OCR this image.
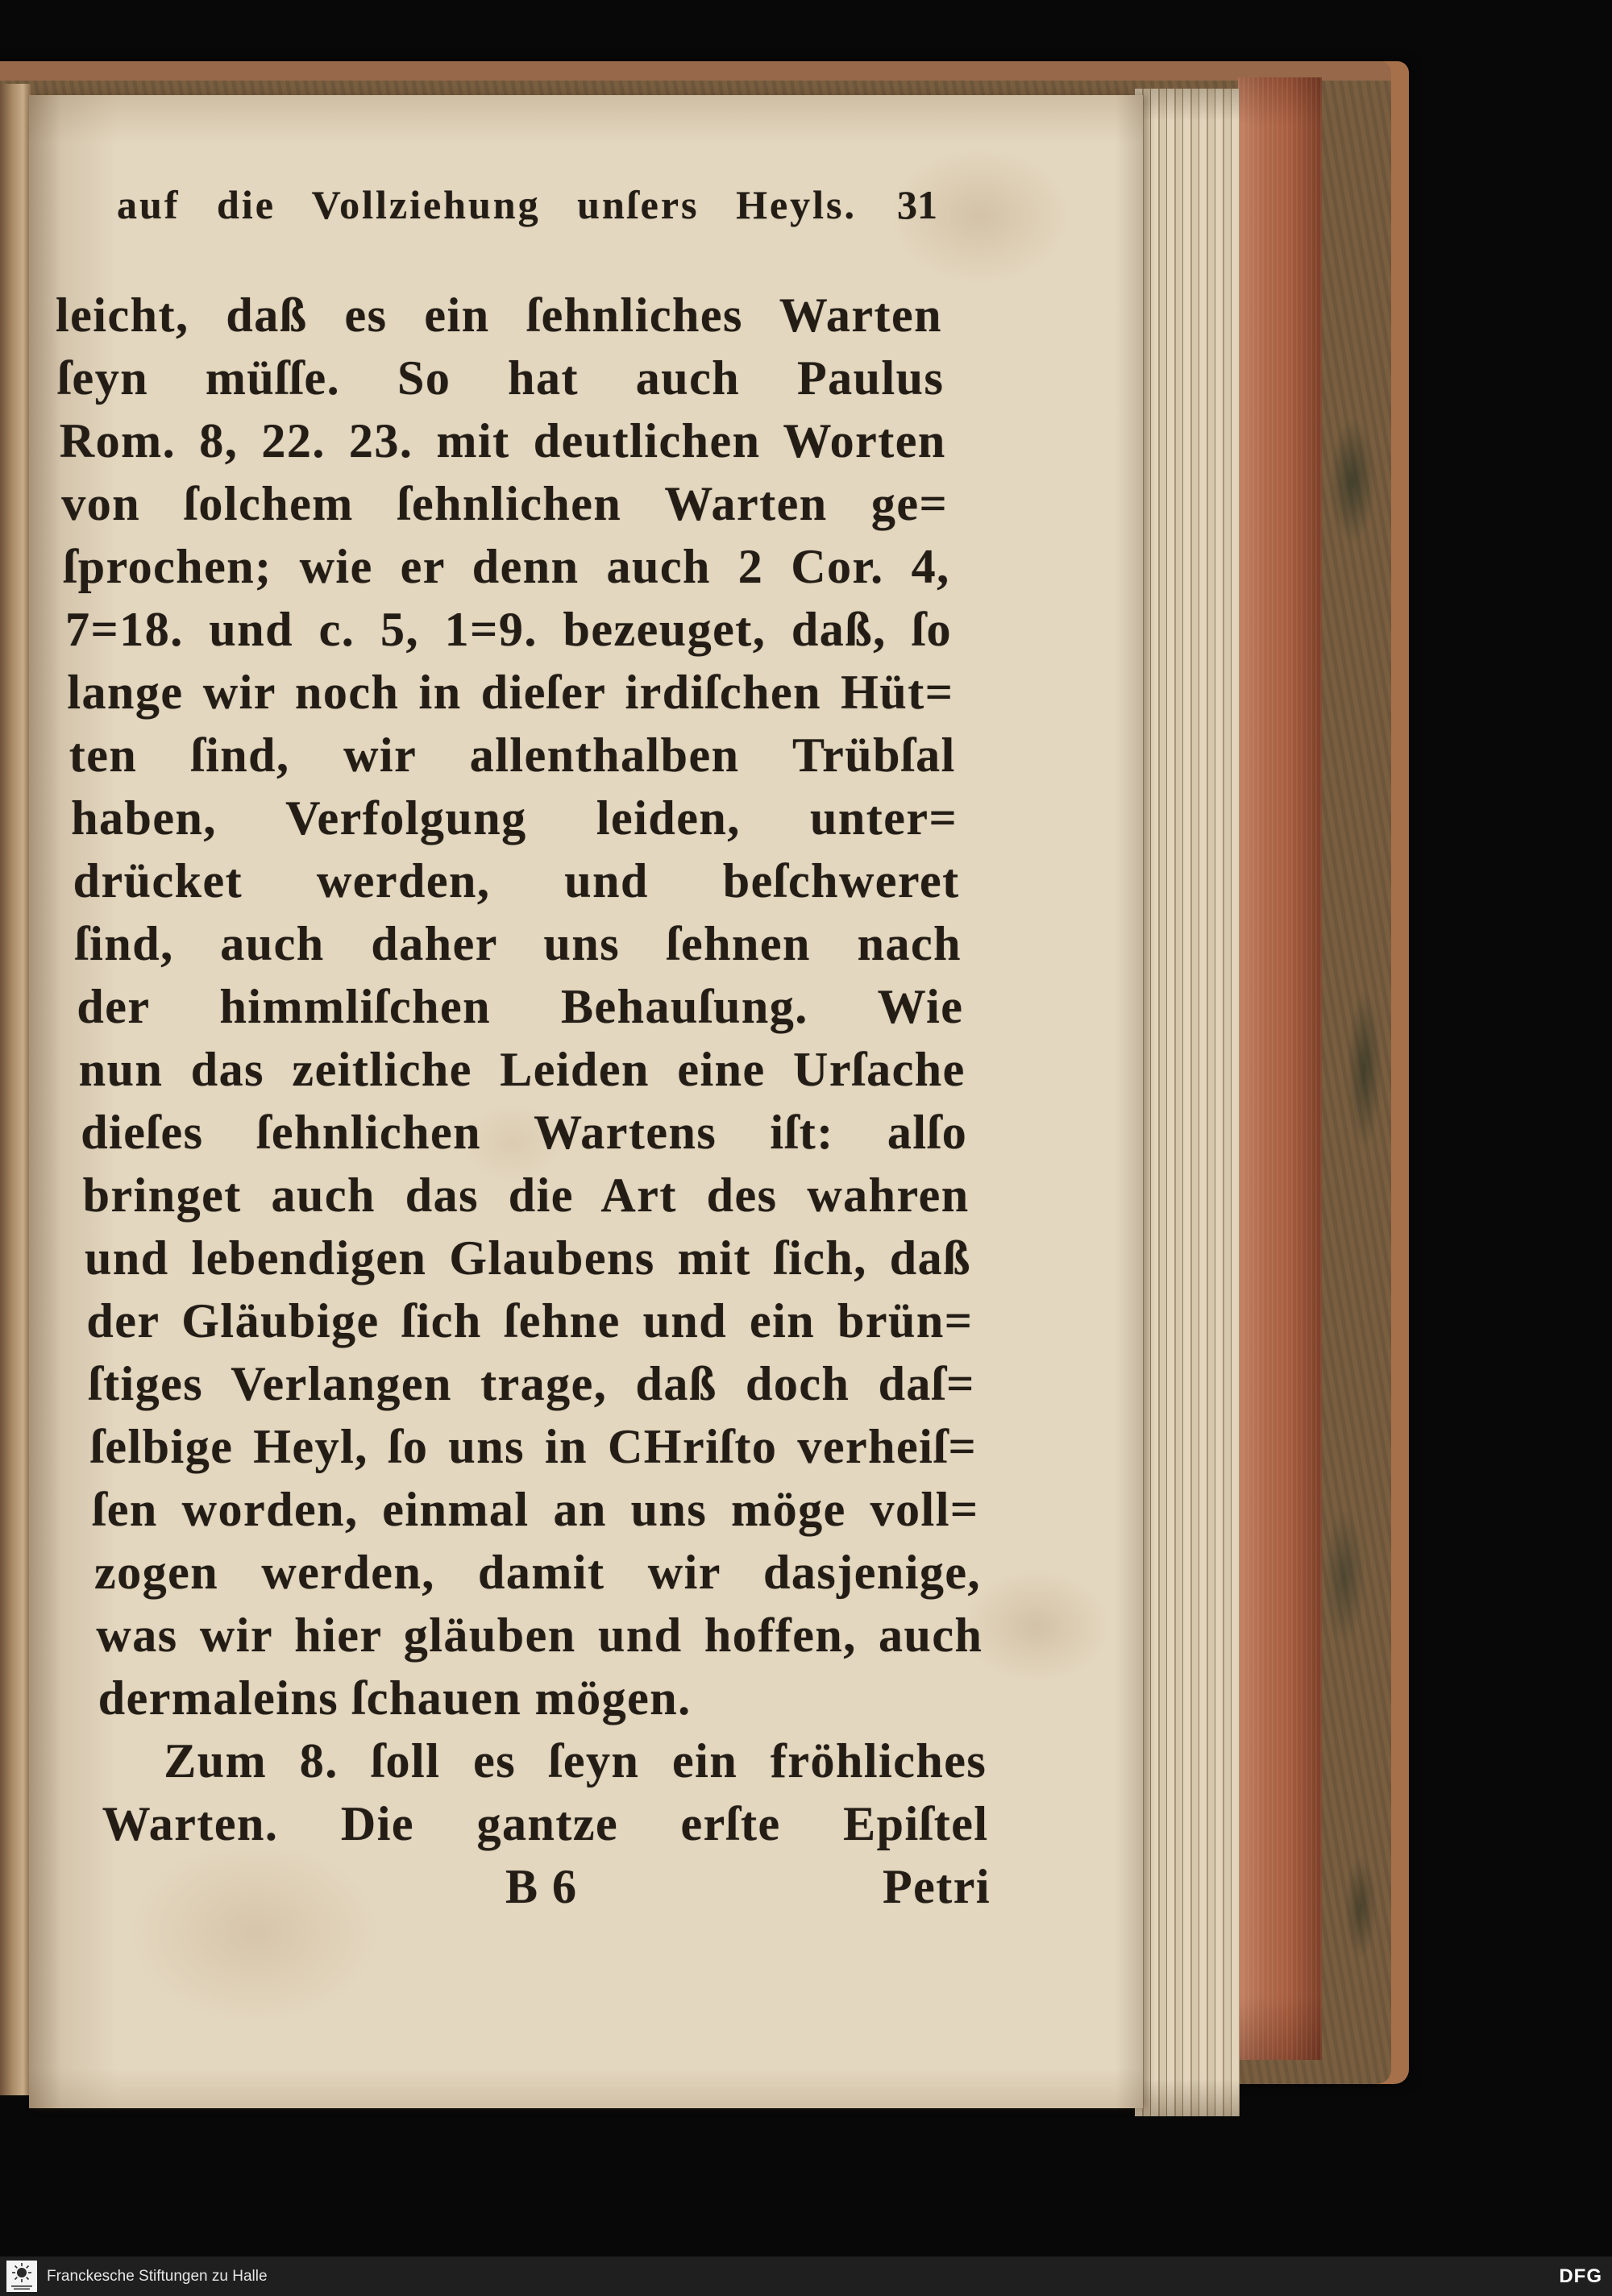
auf die Vollziehung unſers Heyls.	31
leicht, daß es ein ſehnliches Warten
ſeyn müſſe. So hat auch Paulus
Rom. 8, 22. 23. mit deutlichen Worten
von ſolchem ſehnlichen Warten ge=
ſprochen; wie er denn auch 2 Cor. 4,
7=18. und c. 5, 1=9. bezeuget, daß, ſo
lange wir noch in dieſer irdiſchen Hüt=
ten ſind, wir allenthalben Trübſal
haben, Verfolgung leiden, unter=
drücket werden, und beſchweret
ſind, auch daher uns ſehnen nach
der himmliſchen Behauſung. Wie
nun das zeitliche Leiden eine Urſache
dieſes ſehnlichen Wartens iſt: alſo
bringet auch das die Art des wahren
und lebendigen Glaubens mit ſich, daß
der Gläubige ſich ſehne und ein brün=
ſtiges Verlangen trage, daß doch daſ=
ſelbige Heyl, ſo uns in CHriſto verheiſ=
ſen worden, einmal an uns möge voll=
zogen werden, damit wir dasjenige,
was wir hier gläuben und hoffen, auch
dermaleins ſchauen mögen.
Zum 8. ſoll es ſeyn ein fröhliches
Warten. Die gantze erſte Epiſtel
B 6	Petri
Franckesche Stiftungen zu Halle	DFG
